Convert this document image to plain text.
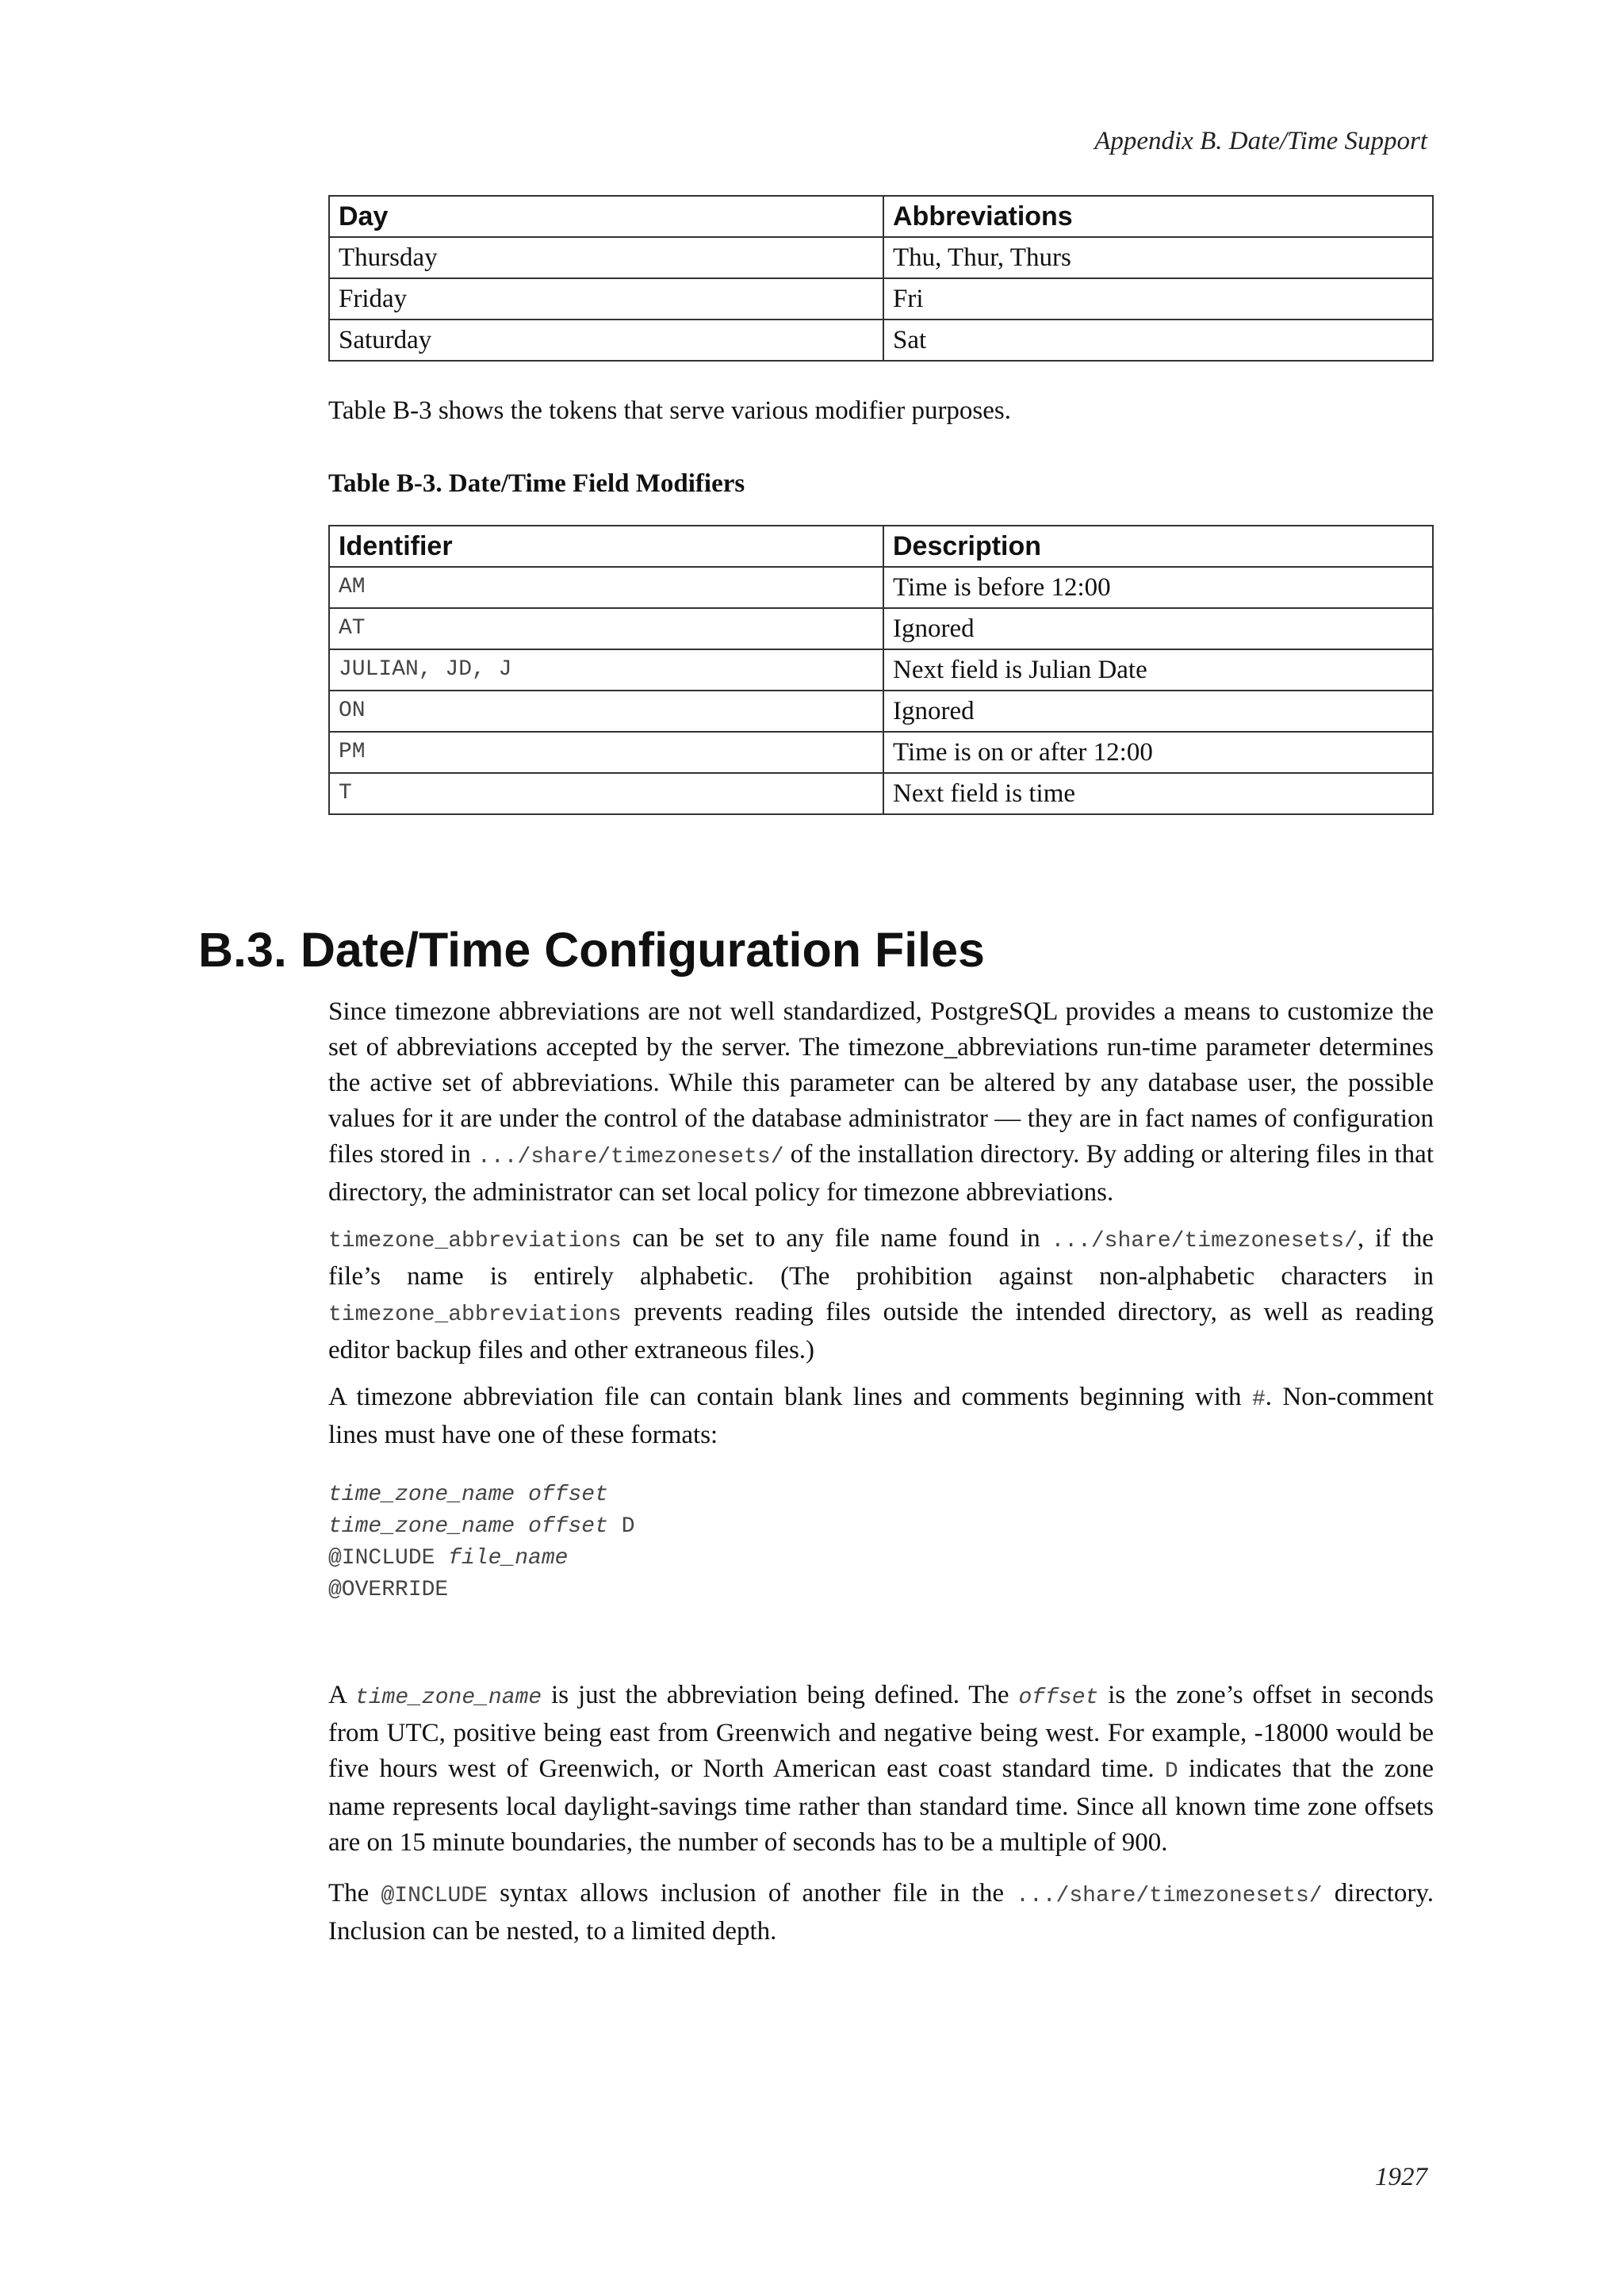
Appendix B. Date/Time Support
Day	Abbreviations
Thursday	Thu, Thur, Thurs
Friday	Fri
Saturday	Sat
Table B-3 shows the tokens that serve various modifier purposes.
Table B-3. Date/Time Field Modifiers
Identifier	Description
AM	Time is before 12:00
AT	Ignored
JULIAN, JD, J	Next field is Julian Date
ON	Ignored
PM	Time is on or after 12:00
T	Next field is time
B.3. Date/Time Configuration Files
Since timezone abbreviations are not well standardized, PostgreSQL provides a means to customize the set of abbreviations accepted by the server. The timezone_abbreviations run-time parameter determines the active set of abbreviations. While this parameter can be altered by any database user, the possible values for it are under the control of the database administrator — they are in fact names of configuration files stored in .../share/timezonesets/ of the installation directory. By adding or altering files in that directory, the administrator can set local policy for timezone abbreviations.
timezone_abbreviations can be set to any file name found in .../share/timezonesets/, if the file’s name is entirely alphabetic. (The prohibition against non-alphabetic characters in timezone_abbreviations prevents reading files outside the intended directory, as well as reading editor backup files and other extraneous files.)
A timezone abbreviation file can contain blank lines and comments beginning with #. Non-comment lines must have one of these formats:
time_zone_name offset
time_zone_name offset D
@INCLUDE file_name
@OVERRIDE
A time_zone_name is just the abbreviation being defined. The offset is the zone’s offset in seconds from UTC, positive being east from Greenwich and negative being west. For example, -18000 would be five hours west of Greenwich, or North American east coast standard time. D indicates that the zone name represents local daylight-savings time rather than standard time. Since all known time zone offsets are on 15 minute boundaries, the number of seconds has to be a multiple of 900.
The @INCLUDE syntax allows inclusion of another file in the .../share/timezonesets/ directory. Inclusion can be nested, to a limited depth.
1927
